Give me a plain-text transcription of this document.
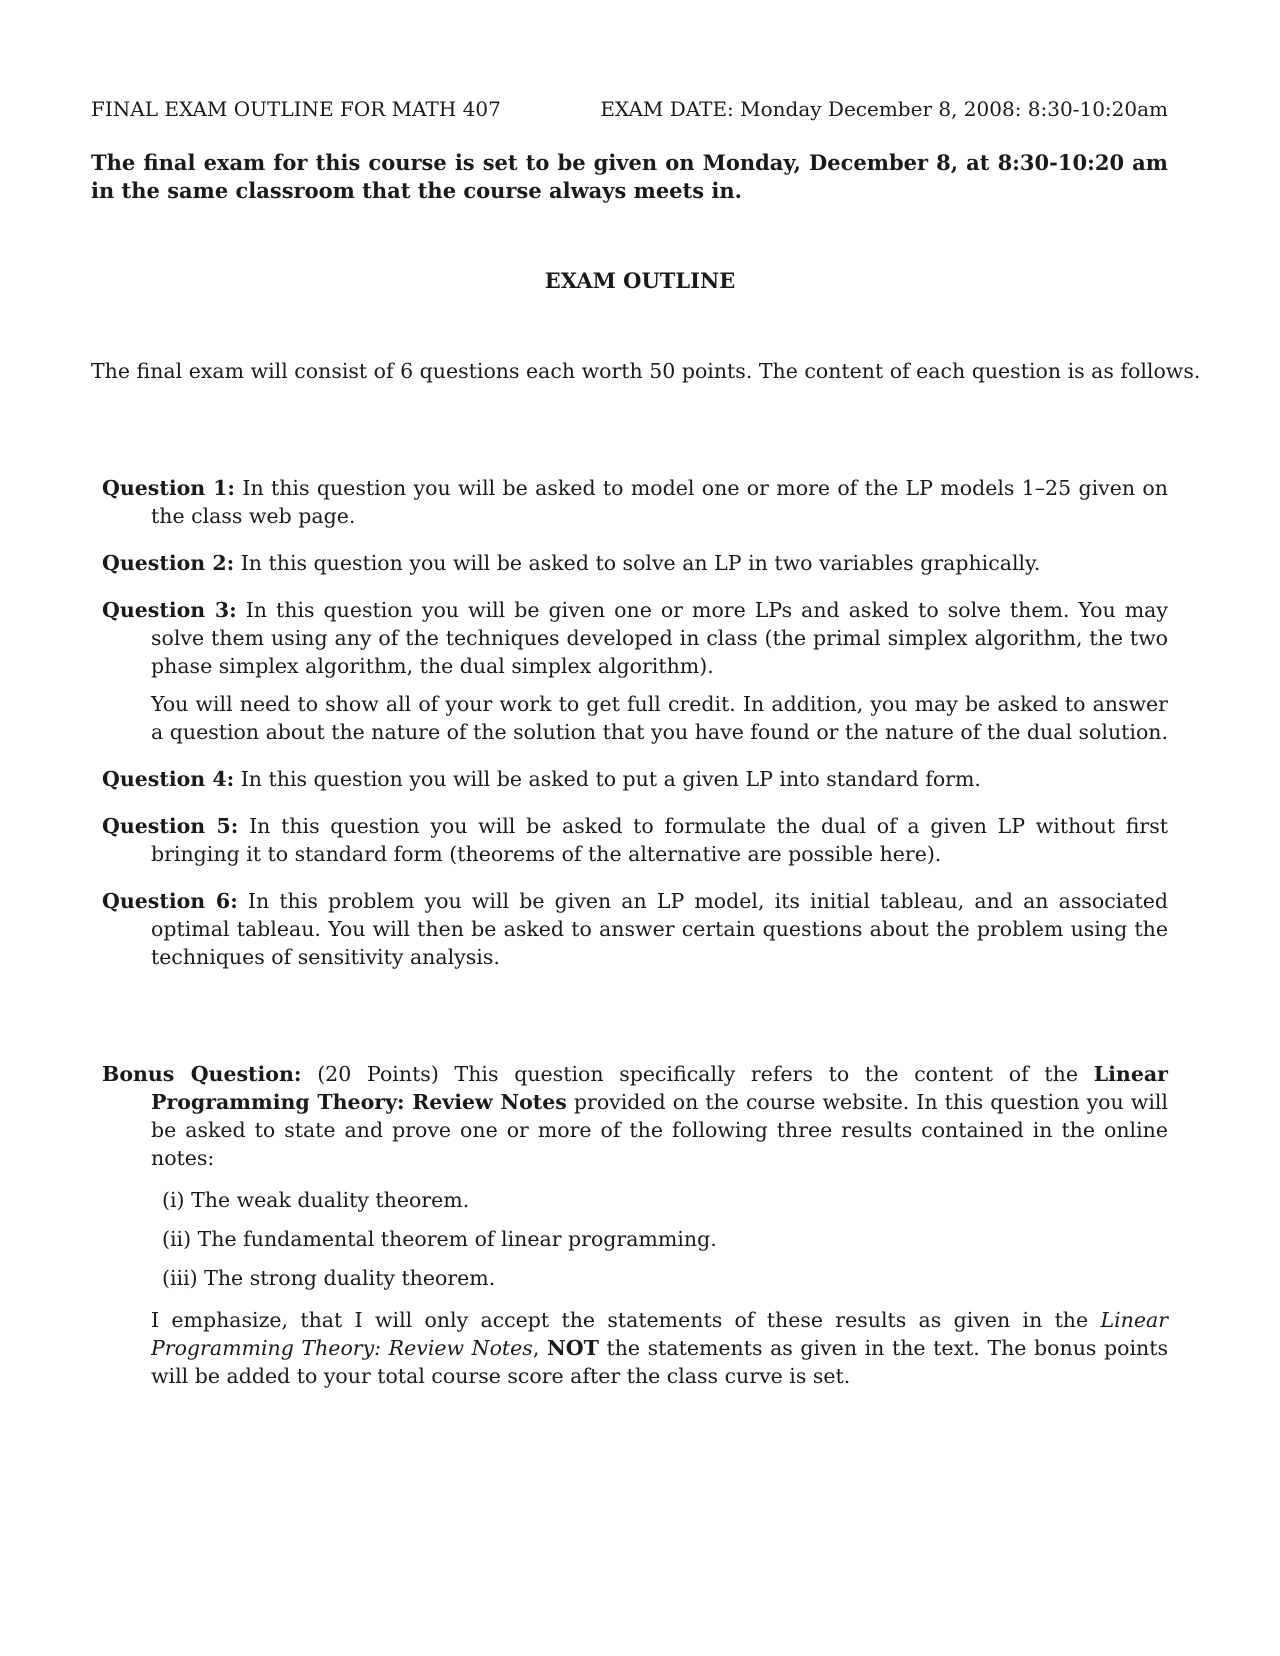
FINAL EXAM OUTLINE FOR MATH 407	EXAM DATE: Monday December 8, 2008: 8:30-10:20am
The final exam for this course is set to be given on Monday, December 8, at 8:30-10:20 am in the same classroom that the course always meets in.
EXAM OUTLINE
The final exam will consist of 6 questions each worth 50 points. The content of each question is as follows.
Question 1: In this question you will be asked to model one or more of the LP models 1–25 given on the class web page.
Question 2: In this question you will be asked to solve an LP in two variables graphically.
Question 3: In this question you will be given one or more LPs and asked to solve them. You may solve them using any of the techniques developed in class (the primal simplex algorithm, the two phase simplex algorithm, the dual simplex algorithm).
You will need to show all of your work to get full credit. In addition, you may be asked to answer a question about the nature of the solution that you have found or the nature of the dual solution.
Question 4: In this question you will be asked to put a given LP into standard form.
Question 5: In this question you will be asked to formulate the dual of a given LP without first bringing it to standard form (theorems of the alternative are possible here).
Question 6: In this problem you will be given an LP model, its initial tableau, and an associated optimal tableau. You will then be asked to answer certain questions about the problem using the techniques of sensitivity analysis.
Bonus Question: (20 Points) This question specifically refers to the content of the Linear Programming Theory: Review Notes provided on the course website. In this question you will be asked to state and prove one or more of the following three results contained in the online notes:
(i) The weak duality theorem.
(ii) The fundamental theorem of linear programming.
(iii) The strong duality theorem.
I emphasize, that I will only accept the statements of these results as given in the Linear Programming Theory: Review Notes, NOT the statements as given in the text. The bonus points will be added to your total course score after the class curve is set.
